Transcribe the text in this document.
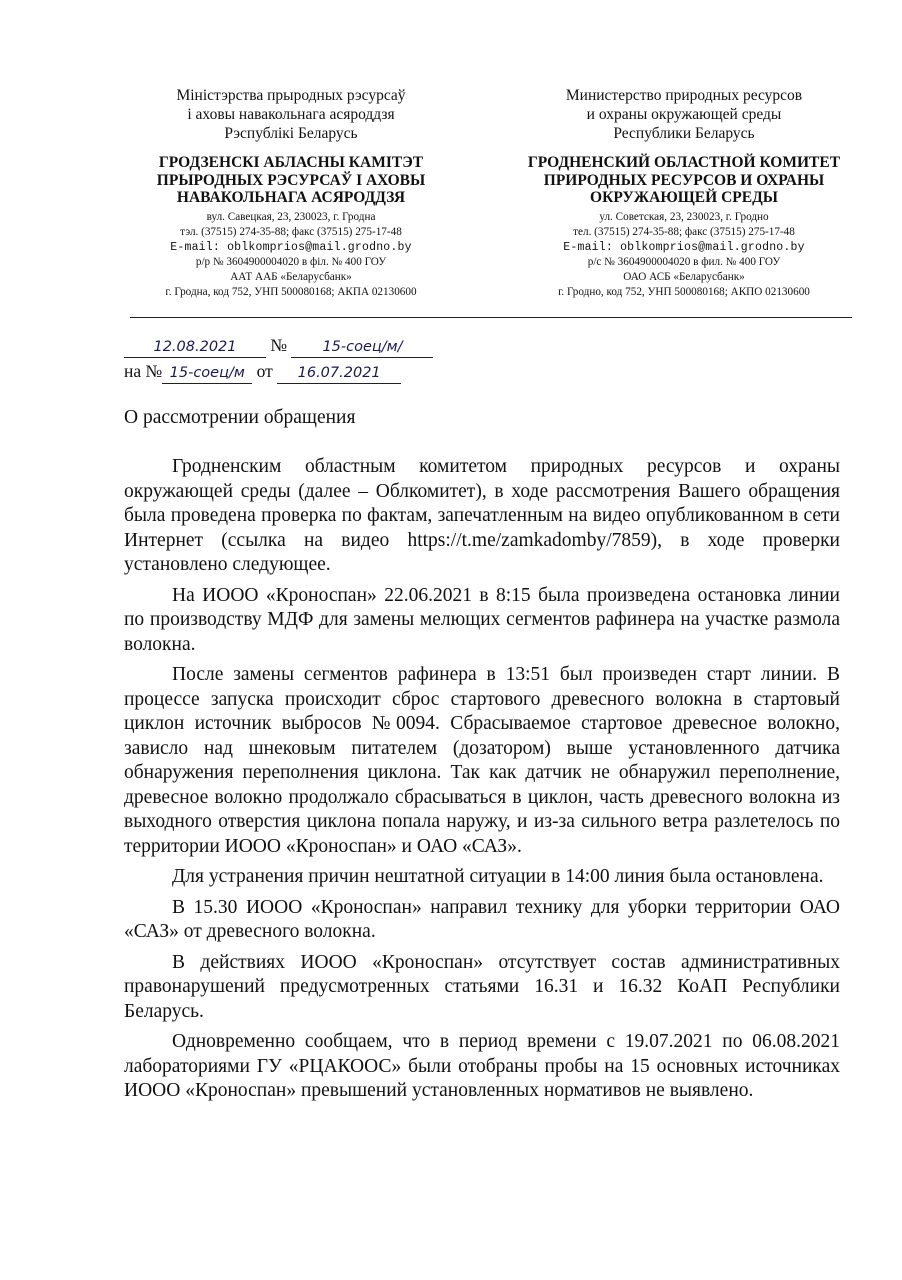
Міністэрства прыродных рэсурсаў
і аховы навакольнага асяроддзя
Рэспублікі Беларусь
ГРОДЗЕНСКІ АБЛАСНЫ КАМІТЭТ
ПРЫРОДНЫХ РЭСУРСАЎ І АХОВЫ
НАВАКОЛЬНАГА АСЯРОДДЗЯ
вул. Савецкая, 23, 230023, г. Гродна
тэл. (37515) 274-35-88; факс (37515) 275-17-48
E-mail: oblkomprios@mail.grodno.by
р/р № 3604900004020 в філ. № 400 ГОУ
ААТ ААБ «Беларусбанк»
г. Гродна, код 752, УНП 500080168; АКПА 02130600
Министерство природных ресурсов
и охраны окружающей среды
Республики Беларусь
ГРОДНЕНСКИЙ ОБЛАСТНОЙ КОМИТЕТ
ПРИРОДНЫХ РЕСУРСОВ И ОХРАНЫ
ОКРУЖАЮЩЕЙ СРЕДЫ
ул. Советская, 23, 230023, г. Гродно
тел. (37515) 274-35-88; факс (37515) 275-17-48
E-mail: oblkomprios@mail.grodno.by
р/с № 3604900004020 в фил. № 400 ГОУ
ОАО АСБ «Беларусбанк»
г. Гродно, код 752, УНП 500080168; АКПО 02130600
12.08.2021 № 15-соец/м/
на № 15-соец/м от 16.07.2021
О рассмотрении обращения

Гродненским областным комитетом природных ресурсов и охраны окружающей среды (далее – Облкомитет), в ходе рассмотрения Вашего обращения была проведена проверка по фактам, запечатленным на видео опубликованном в сети Интернет (ссылка на видео https://t.me/zamkadomby/7859), в ходе проверки установлено следующее.

На ИООО «Кроноспан» 22.06.2021 в 8:15 была произведена остановка линии по производству МДФ для замены мелющих сегментов рафинера на участке размола волокна.

После замены сегментов рафинера в 13:51 был произведен старт линии. В процессе запуска происходит сброс стартового древесного волокна в стартовый циклон источник выбросов №0094. Сбрасываемое стартовое древесное волокно, зависло над шнековым питателем (дозатором) выше установленного датчика обнаружения переполнения циклона. Так как датчик не обнаружил переполнение, древесное волокно продолжало сбрасываться в циклон, часть древесного волокна из выходного отверстия циклона попала наружу, и из-за сильного ветра разлетелось по территории ИООО «Кроноспан» и ОАО «САЗ».

Для устранения причин нештатной ситуации в 14:00 линия была остановлена.

В 15.30 ИООО «Кроноспан» направил технику для уборки территории ОАО «САЗ» от древесного волокна.

В действиях ИООО «Кроноспан» отсутствует состав административных правонарушений предусмотренных статьями 16.31 и 16.32 КоАП Республики Беларусь.

Одновременно сообщаем, что в период времени с 19.07.2021 по 06.08.2021 лабораториями ГУ «РЦАКООС» были отобраны пробы на 15 основных источниках ИООО «Кроноспан» превышений установленных нормативов не выявлено.
